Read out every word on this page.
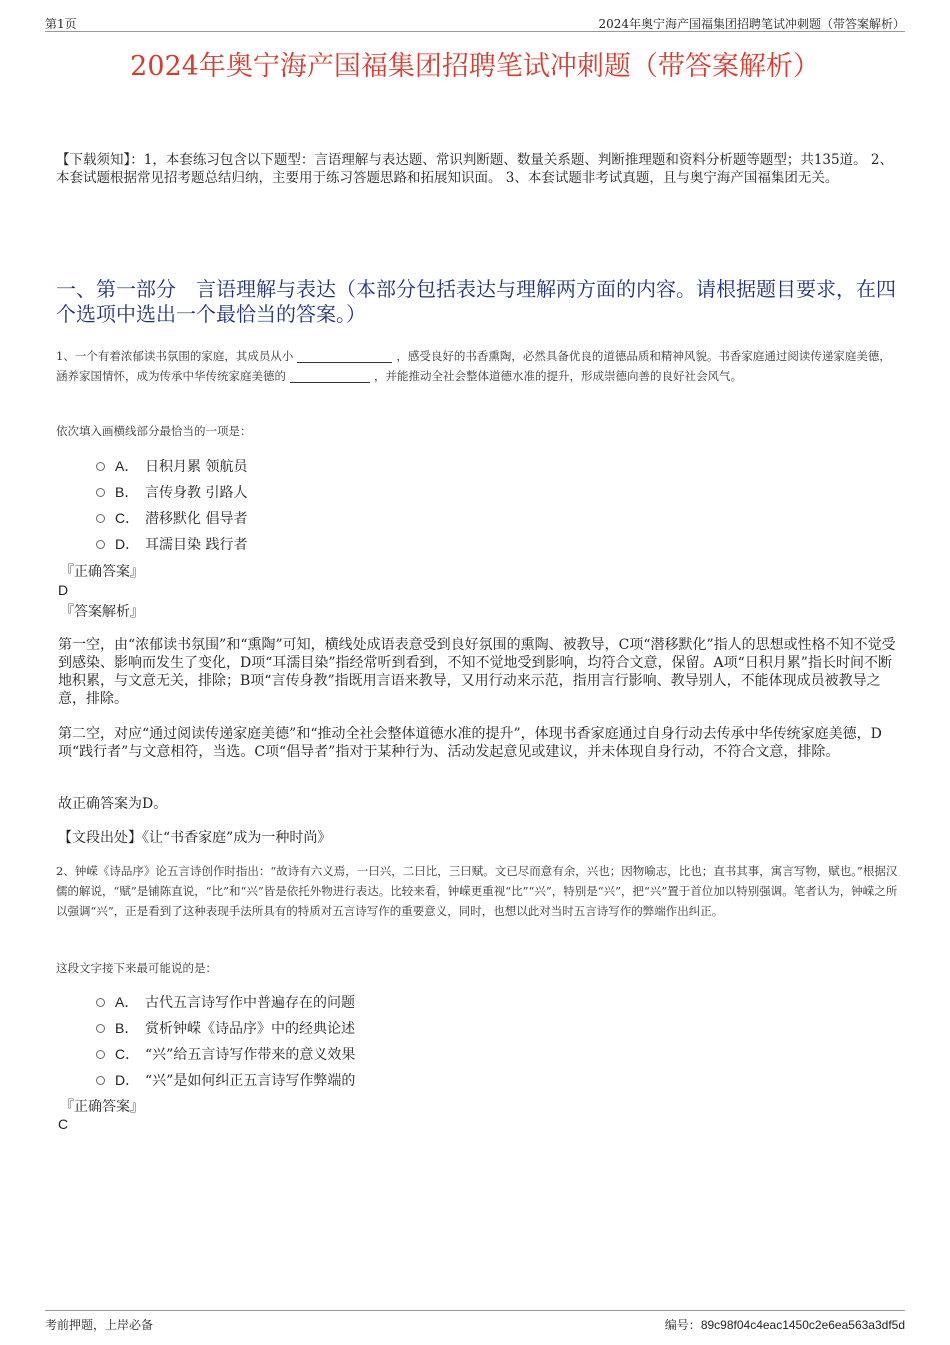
第1页	2024年奥宁海产国福集团招聘笔试冲刺题（带答案解析）
2024年奥宁海产国福集团招聘笔试冲刺题（带答案解析）
【下载须知】：1，本套练习包含以下题型：言语理解与表达题、常识判断题、数量关系题、判断推理题和资料分析题等题型；共135道。 2、本套试题根据常见招考题总结归纳，主要用于练习答题思路和拓展知识面。 3、本套试题非考试真题，且与奥宁海产国福集团无关。
一、第一部分　言语理解与表达（本部分包括表达与理解两方面的内容。请根据题目要求，在四个选项中选出一个最恰当的答案。）
1、一个有着浓郁读书氛围的家庭，其成员从小	，感受良好的书香熏陶，必然具备优良的道德品质和精神风貌。书香家庭通过阅读传递家庭美德，涵养家国情怀，成为传承中华传统家庭美德的	，并能推动全社会整体道德水准的提升，形成崇德向善的良好社会风气。
依次填入画横线部分最恰当的一项是：
A． 日积月累 领航员
B． 言传身教 引路人
C． 潜移默化 倡导者
D． 耳濡目染 践行者
『正确答案』
D
『答案解析』
第一空，由“浓郁读书氛围”和“熏陶”可知，横线处成语表意受到良好氛围的熏陶、被教导，C项“潜移默化”指人的思想或性格不知不觉受到感染、影响而发生了变化，D项“耳濡目染”指经常听到看到，不知不觉地受到影响，均符合文意，保留。A项“日积月累”指长时间不断地积累，与文意无关，排除；B项“言传身教”指既用言语来教导，又用行动来示范，指用言行影响、教导别人，不能体现成员被教导之意，排除。
第二空，对应“通过阅读传递家庭美德”和“推动全社会整体道德水准的提升”，体现书香家庭通过自身行动去传承中华传统家庭美德，D项“践行者”与文意相符，当选。C项“倡导者”指对于某种行为、活动发起意见或建议，并未体现自身行动，不符合文意，排除。
故正确答案为D。
【文段出处】《让“书香家庭”成为一种时尚》
2、钟嵘《诗品序》论五言诗创作时指出：“故诗有六义焉，一曰兴，二曰比，三曰赋。文已尽而意有余，兴也；因物喻志，比也；直书其事，寓言写物，赋也。”根据汉儒的解说，“赋”是铺陈直说，“比”和“兴”皆是依托外物进行表达。比较来看，钟嵘更重视“比”“兴”，特别是“兴”，把“兴”置于首位加以特别强调。笔者认为，钟嵘之所以强调“兴”，正是看到了这种表现手法所具有的特质对五言诗写作的重要意义，同时，也想以此对当时五言诗写作的弊端作出纠正。
这段文字接下来最可能说的是：
A． 古代五言诗写作中普遍存在的问题
B． 赏析钟嵘《诗品序》中的经典论述
C． “兴”给五言诗写作带来的意义效果
D． “兴”是如何纠正五言诗写作弊端的
『正确答案』
C
考前押题，上岸必备	编号：89c98f04c4eac1450c2e6ea563a3df5d
